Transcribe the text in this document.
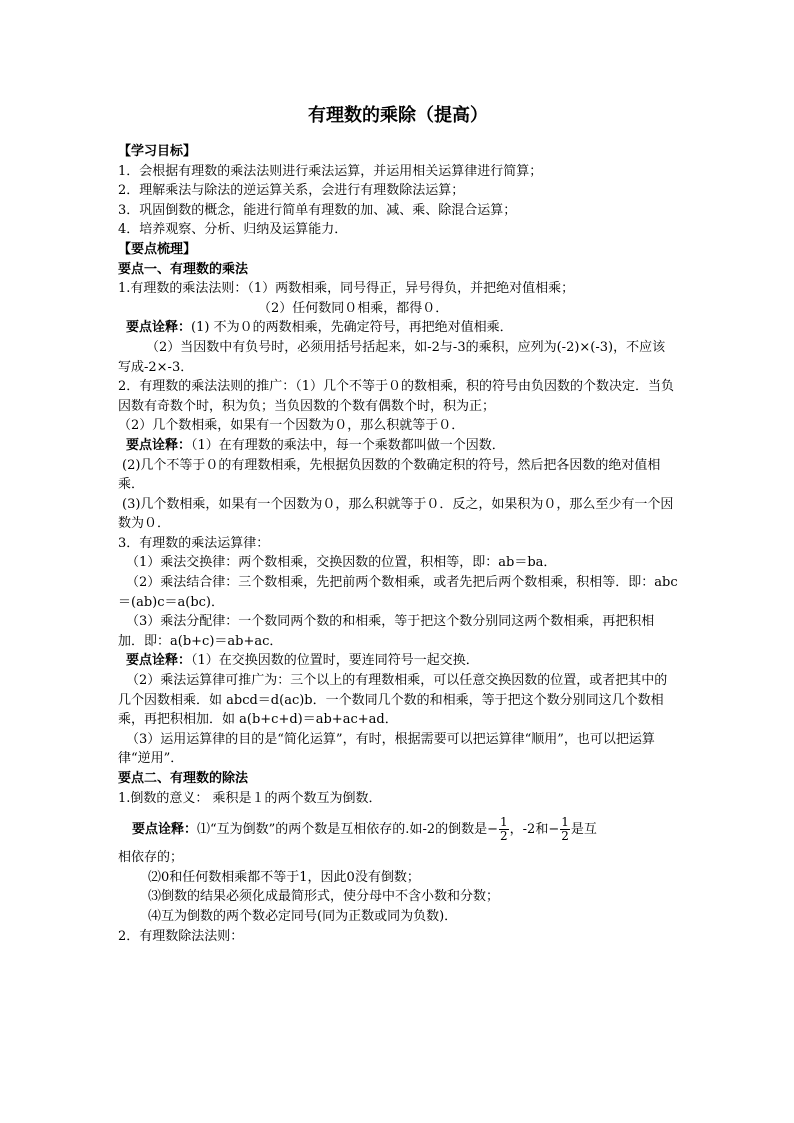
有理数的乘除（提高）

【学习目标】

1．会根据有理数的乘法法则进行乘法运算，并运用相关运算律进行简算；

2．理解乘法与除法的逆运算关系，会进行有理数除法运算；

3．巩固倒数的概念，能进行简单有理数的加、减、乘、除混合运算；

4．培养观察、分析、归纳及运算能力．

【要点梳理】

要点一、有理数的乘法

1.有理数的乘法法则：（1）两数相乘，同号得正，异号得负，并把绝对值相乘；

（2）任何数同０相乘，都得０．

要点诠释：(1) 不为０的两数相乘，先确定符号，再把绝对值相乘．

（2）当因数中有负号时，必须用括号括起来，如-2与-3的乘积，应列为(-2)×(-3)，不应该写成-2×-3．

2．有理数的乘法法则的推广：（1）几个不等于０的数相乘，积的符号由负因数的个数决定．当负因数有奇数个时，积为负；当负因数的个数有偶数个时，积为正；

（2）几个数相乘，如果有一个因数为０，那么积就等于０．

要点诠释：（1）在有理数的乘法中，每一个乘数都叫做一个因数．

(2)几个不等于０的有理数相乘，先根据负因数的个数确定积的符号，然后把各因数的绝对值相乘．

(3)几个数相乘，如果有一个因数为０，那么积就等于０．反之，如果积为０，那么至少有一个因数为０．

3．有理数的乘法运算律：

（1）乘法交换律：两个数相乘，交换因数的位置，积相等，即：ab＝ba．

（2）乘法结合律：三个数相乘，先把前两个数相乘，或者先把后两个数相乘，积相等．即：abc＝(ab)c＝a(bc)．

（3）乘法分配律：一个数同两个数的和相乘，等于把这个数分别同这两个数相乘，再把积相加．即：a(b+c)＝ab+ac．

要点诠释：（1）在交换因数的位置时，要连同符号一起交换．

（2）乘法运算律可推广为：三个以上的有理数相乘，可以任意交换因数的位置，或者把其中的几个因数相乘．如 abcd＝d(ac)b．一个数同几个数的和相乘，等于把这个数分别同这几个数相乘，再把积相加．如 a(b+c+d)＝ab+ac+ad．

（3）运用运算律的目的是“简化运算”，有时，根据需要可以把运算律“顺用”，也可以把运算律“逆用”．

要点二、有理数的除法

1.倒数的意义： 乘积是１的两个数互为倒数．

要点诠释：⑴“互为倒数”的两个数是互相依存的.如-2的倒数是− $\frac{1}{2}$ ，-2和− $\frac{1}{2}$ 是互

相依存的；

⑵0和任何数相乘都不等于1，因此0没有倒数；

⑶倒数的结果必须化成最简形式，使分母中不含小数和分数；

⑷互为倒数的两个数必定同号(同为正数或同为负数)．

2．有理数除法法则：
